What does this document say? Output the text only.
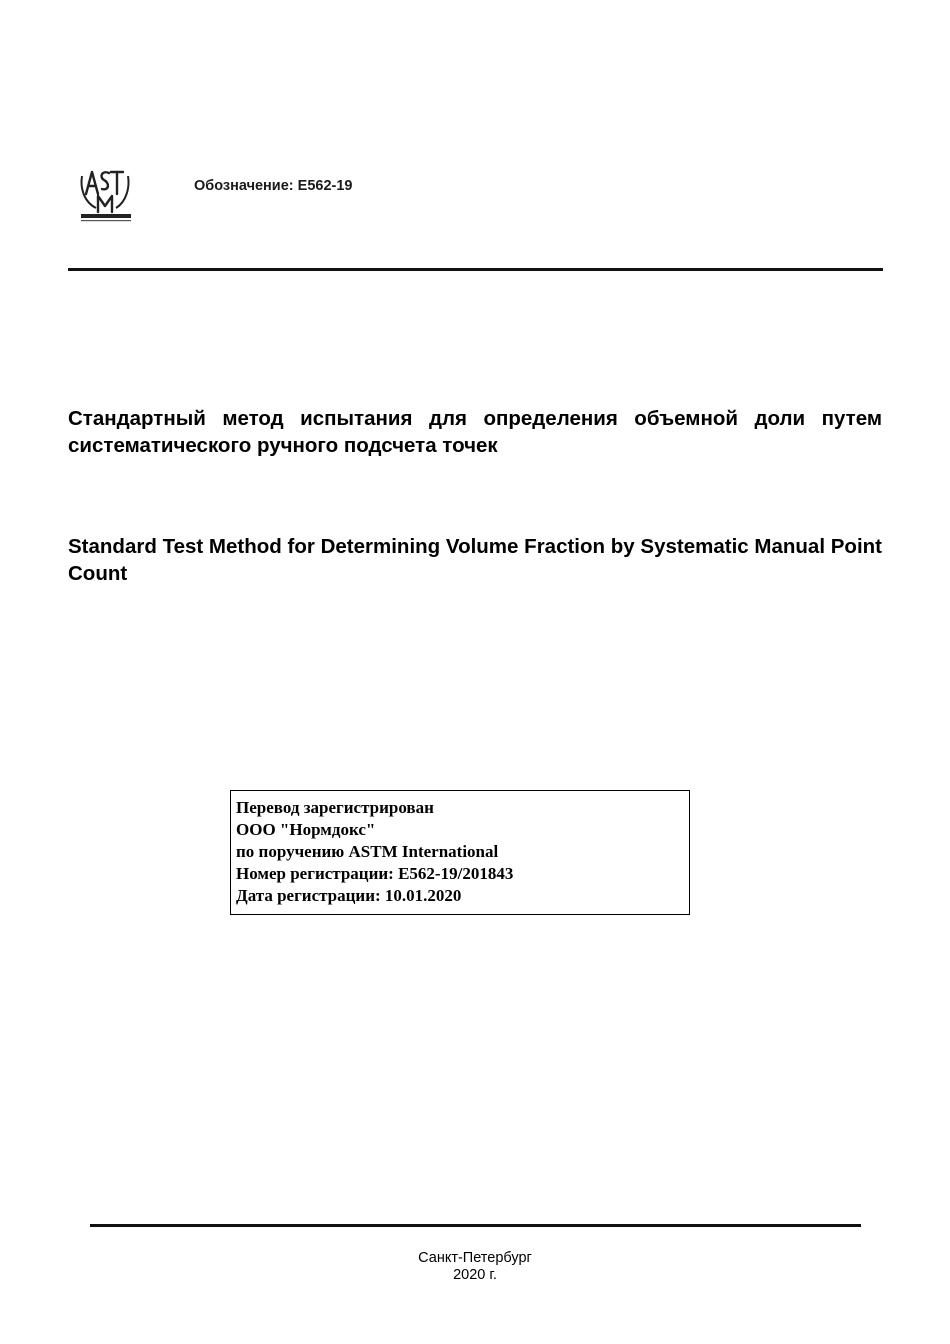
Обозначение: E562-19

Стандартный метод испытания для определения объемной доли путем систематического ручного подсчета точек

Standard Test Method for Determining Volume Fraction by Systematic Manual Point Count

Перевод зарегистрирован
ООО "Нормдокс"
по поручению ASTM International
Номер регистрации: E562-19/201843
Дата регистрации: 10.01.2020
Санкт-Петербург
2020 г.
